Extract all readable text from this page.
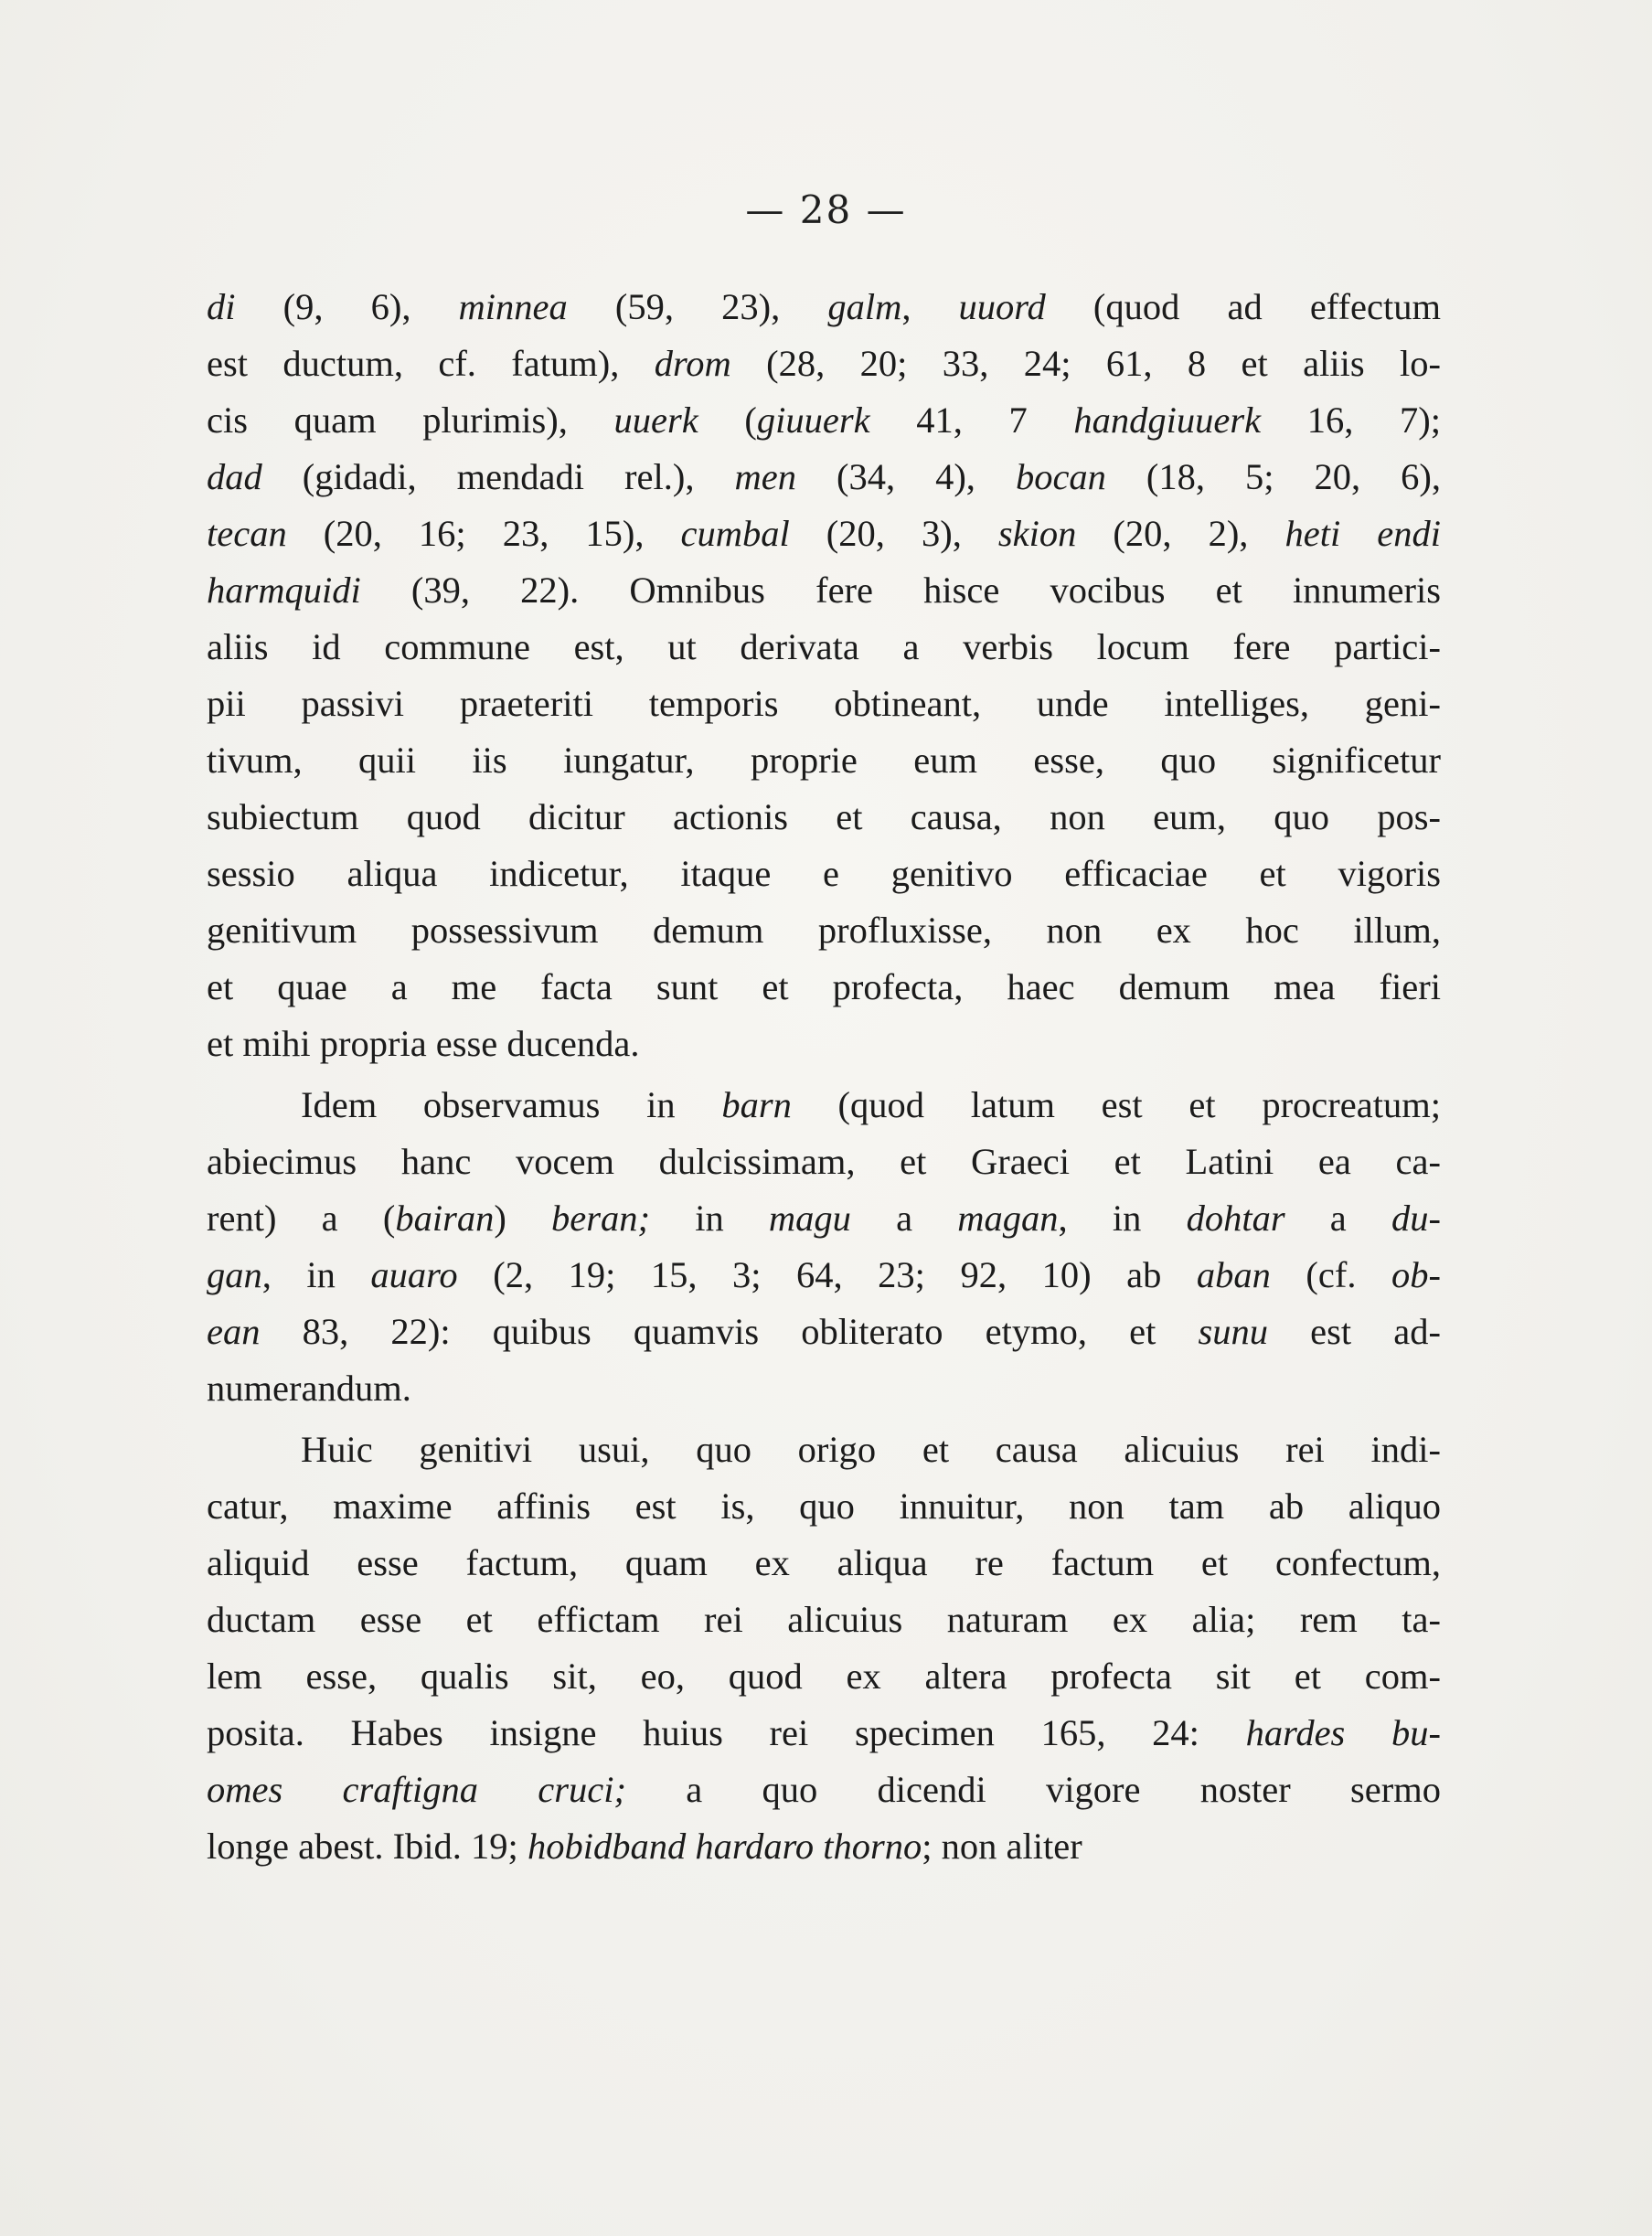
— 28 —

di (9, 6), minnea (59, 23), galm, uuord (quod ad effectum

est ductum, cf. fatum), drom (28, 20; 33, 24; 61, 8 et aliis lo-

cis quam plurimis), uuerk (giuuerk 41, 7 handgiuuerk 16, 7);

dad (gidadi, mendadi rel.), men (34, 4), bocan (18, 5; 20, 6),

tecan (20, 16; 23, 15), cumbal (20, 3), skion (20, 2), heti endi

harmquidi (39, 22). Omnibus fere hisce vocibus et innumeris

aliis id commune est, ut derivata a verbis locum fere partici-

pii passivi praeteriti temporis obtineant, unde intelliges, geni-

tivum, quii iis iungatur, proprie eum esse, quo significetur

subiectum quod dicitur actionis et causa, non eum, quo pos-

sessio aliqua indicetur, itaque e genitivo efficaciae et vigoris

genitivum possessivum demum profluxisse, non ex hoc illum,

et quae a me facta sunt et profecta, haec demum mea fieri

et mihi propria esse ducenda.

Idem observamus in barn (quod latum est et procreatum;

abiecimus hanc vocem dulcissimam, et Graeci et Latini ea ca-

rent) a (bairan) beran; in magu a magan, in dohtar a du-

gan, in auaro (2, 19; 15, 3; 64, 23; 92, 10) ab aban (cf. ob-

ean 83, 22): quibus quamvis obliterato etymo, et sunu est ad-

numerandum.

Huic genitivi usui, quo origo et causa alicuius rei indi-

catur, maxime affinis est is, quo innuitur, non tam ab aliquo

aliquid esse factum, quam ex aliqua re factum et confectum,

ductam esse et effictam rei alicuius naturam ex alia; rem ta-

lem esse, qualis sit, eo, quod ex altera profecta sit et com-

posita. Habes insigne huius rei specimen 165, 24: hardes bu-

omes craftigna cruci; a quo dicendi vigore noster sermo

longe abest. Ibid. 19; hobidband hardaro thorno; non aliter
